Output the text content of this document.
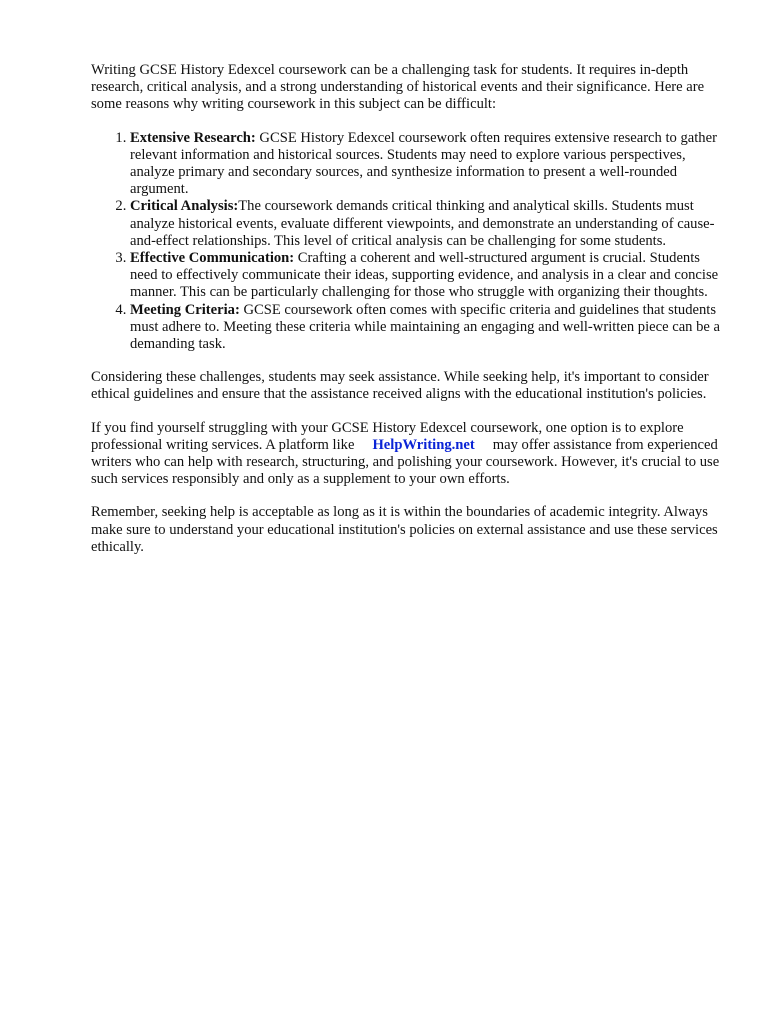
Writing GCSE History Edexcel coursework can be a challenging task for students. It requires in-depth research, critical analysis, and a strong understanding of historical events and their significance. Here are some reasons why writing coursework in this subject can be difficult:

1. Extensive Research: GCSE History Edexcel coursework often requires extensive research to gather relevant information and historical sources. Students may need to explore various perspectives, analyze primary and secondary sources, and synthesize information to present a well-rounded argument.
2. Critical Analysis:The coursework demands critical thinking and analytical skills. Students must analyze historical events, evaluate different viewpoints, and demonstrate an understanding of cause-and-effect relationships. This level of critical analysis can be challenging for some students.
3. Effective Communication: Crafting a coherent and well-structured argument is crucial. Students need to effectively communicate their ideas, supporting evidence, and analysis in a clear and concise manner. This can be particularly challenging for those who struggle with organizing their thoughts.
4. Meeting Criteria: GCSE coursework often comes with specific criteria and guidelines that students must adhere to. Meeting these criteria while maintaining an engaging and well-written piece can be a demanding task.

Considering these challenges, students may seek assistance. While seeking help, it's important to consider ethical guidelines and ensure that the assistance received aligns with the educational institution's policies.

If you find yourself struggling with your GCSE History Edexcel coursework, one option is to explore professional writing services. A platform like HelpWriting.net may offer assistance from experienced writers who can help with research, structuring, and polishing your coursework. However, it's crucial to use such services responsibly and only as a supplement to your own efforts.

Remember, seeking help is acceptable as long as it is within the boundaries of academic integrity. Always make sure to understand your educational institution's policies on external assistance and use these services ethically.
